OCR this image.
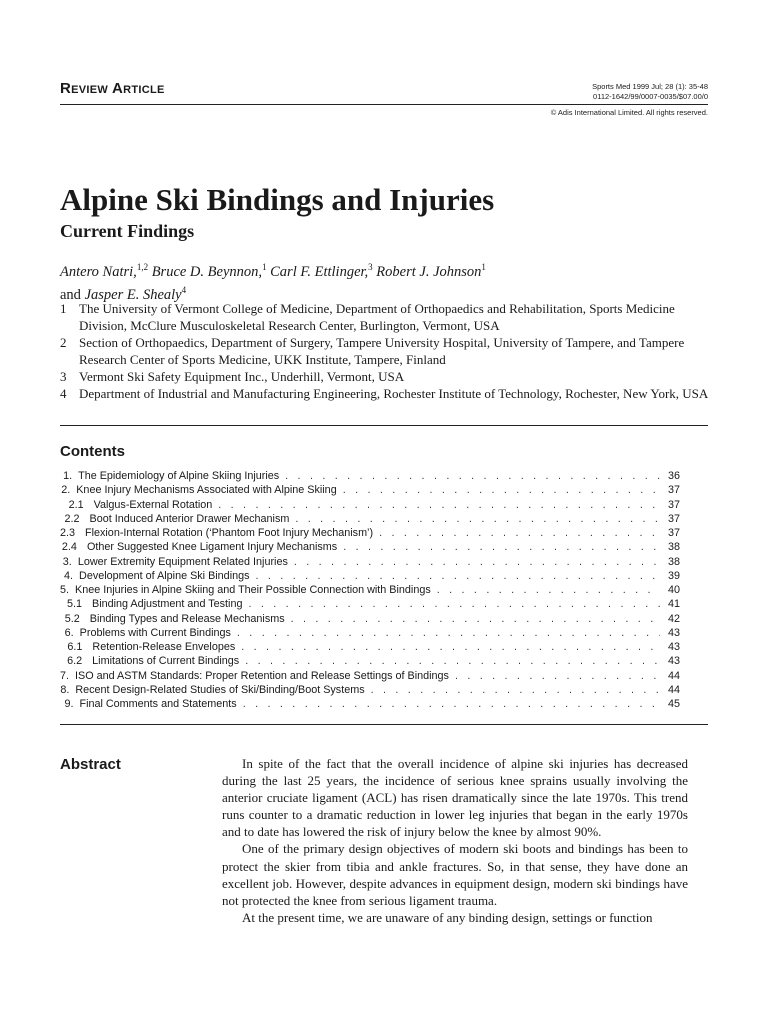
Review Article	Sports Med 1999 Jul; 28 (1): 35-48
0112-1642/99/0007-0035/$07.00/0
© Adis International Limited. All rights reserved.
Alpine Ski Bindings and Injuries
Current Findings
Antero Natri,$^{1,2}$ Bruce D. Beynnon,$^1$ Carl F. Ettlinger,$^3$ Robert J. Johnson$^1$
and Jasper E. Shealy$^4$
1 The University of Vermont College of Medicine, Department of Orthopaedics and Rehabilitation, Sports Medicine Division, McClure Musculoskeletal Research Center, Burlington, Vermont, USA
2 Section of Orthopaedics, Department of Surgery, Tampere University Hospital, University of Tampere, and Tampere Research Center of Sports Medicine, UKK Institute, Tampere, Finland
3 Vermont Ski Safety Equipment Inc., Underhill, Vermont, USA
4 Department of Industrial and Manufacturing Engineering, Rochester Institute of Technology, Rochester, New York, USA
Contents
1. The Epidemiology of Alpine Skiing Injuries . . .	36
2. Knee Injury Mechanisms Associated with Alpine Skiing . . .	37
2.1 Valgus-External Rotation . . .	37
2.2 Boot Induced Anterior Drawer Mechanism . . .	37
2.3 Flexion-Internal Rotation (‘Phantom Foot Injury Mechanism’) . . .	37
2.4 Other Suggested Knee Ligament Injury Mechanisms . . .	38
3. Lower Extremity Equipment Related Injuries . . .	38
4. Development of Alpine Ski Bindings . . .	39
5. Knee Injuries in Alpine Skiing and Their Possible Connection with Bindings . . .	40
5.1 Binding Adjustment and Testing . . .	41
5.2 Binding Types and Release Mechanisms . . .	42
6. Problems with Current Bindings . . .	43
6.1 Retention-Release Envelopes . . .	43
6.2 Limitations of Current Bindings . . .	43
7. ISO and ASTM Standards: Proper Retention and Release Settings of Bindings . . .	44
8. Recent Design-Related Studies of Ski/Binding/Boot Systems . . .	44
9. Final Comments and Statements . . .	45
Abstract	In spite of the fact that the overall incidence of alpine ski injuries has decreased during the last 25 years, the incidence of serious knee sprains usually involving the anterior cruciate ligament (ACL) has risen dramatically since the late 1970s. This trend runs counter to a dramatic reduction in lower leg injuries that began in the early 1970s and to date has lowered the risk of injury below the knee by almost 90%.

One of the primary design objectives of modern ski boots and bindings has been to protect the skier from tibia and ankle fractures. So, in that sense, they have done an excellent job. However, despite advances in equipment design, modern ski bindings have not protected the knee from serious ligament trauma.

At the present time, we are unaware of any binding design, settings or function
